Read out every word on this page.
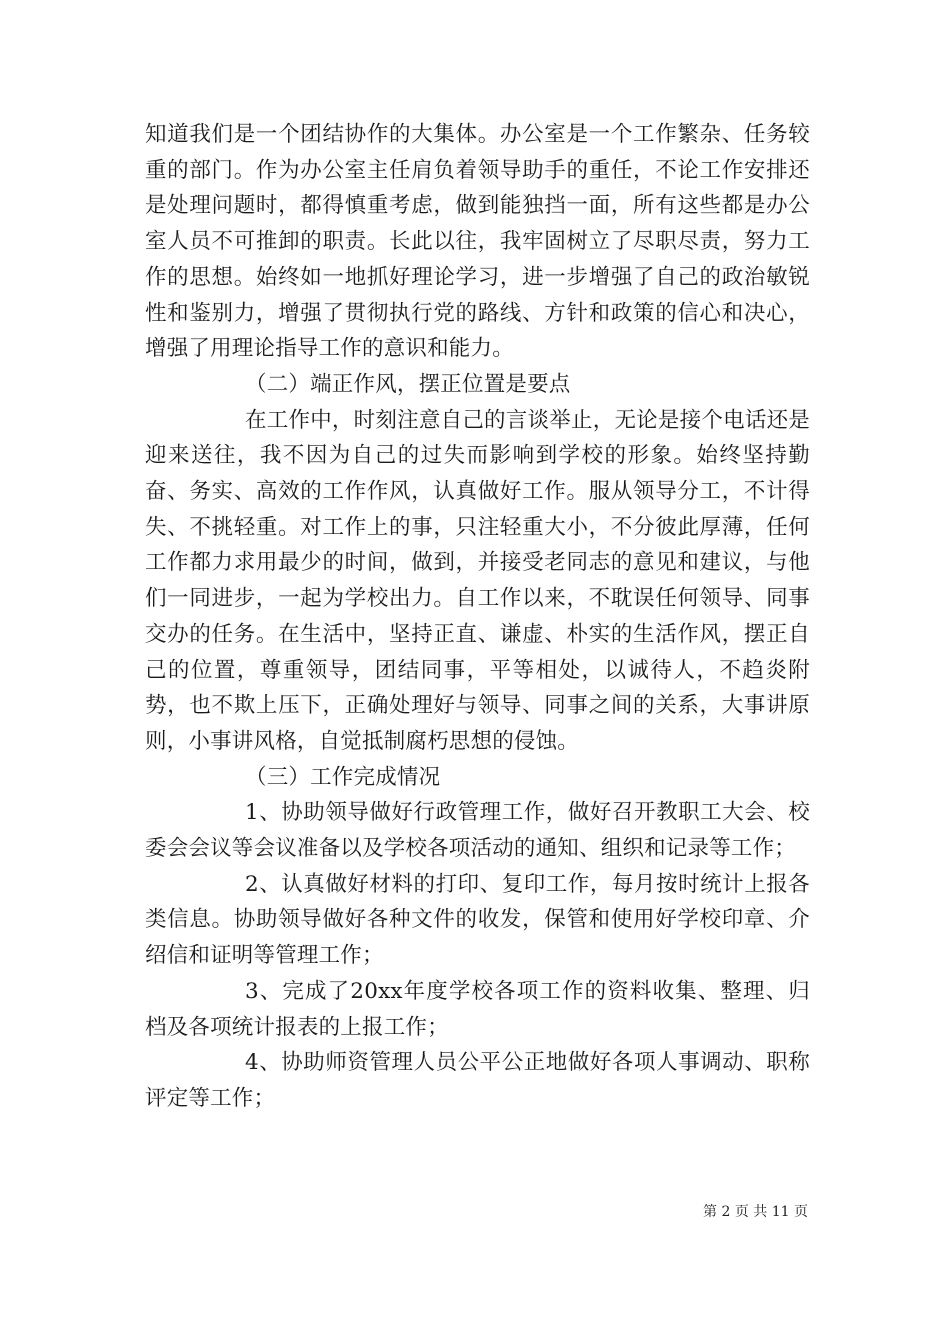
知道我们是一个团结协作的大集体。办公室是一个工作繁杂、任务较重的部门。作为办公室主任肩负着领导助手的重任，不论工作安排还是处理问题时，都得慎重考虑，做到能独挡一面，所有这些都是办公室人员不可推卸的职责。长此以往，我牢固树立了尽职尽责，努力工作的思想。始终如一地抓好理论学习，进一步增强了自己的政治敏锐性和鉴别力，增强了贯彻执行党的路线、方针和政策的信心和决心，增强了用理论指导工作的意识和能力。

（二）端正作风，摆正位置是要点

在工作中，时刻注意自己的言谈举止，无论是接个电话还是迎来送往，我不因为自己的过失而影响到学校的形象。始终坚持勤奋、务实、高效的工作作风，认真做好工作。服从领导分工，不计得失、不挑轻重。对工作上的事，只注轻重大小，不分彼此厚薄，任何工作都力求用最少的时间，做到，并接受老同志的意见和建议，与他们一同进步，一起为学校出力。自工作以来，不耽误任何领导、同事交办的任务。在生活中，坚持正直、谦虚、朴实的生活作风，摆正自己的位置，尊重领导，团结同事，平等相处，以诚待人，不趋炎附势，也不欺上压下，正确处理好与领导、同事之间的关系，大事讲原则，小事讲风格，自觉抵制腐朽思想的侵蚀。

（三）工作完成情况

1、协助领导做好行政管理工作，做好召开教职工大会、校委会会议等会议准备以及学校各项活动的通知、组织和记录等工作；

2、认真做好材料的打印、复印工作，每月按时统计上报各类信息。协助领导做好各种文件的收发，保管和使用好学校印章、介绍信和证明等管理工作；

3、完成了20xx年度学校各项工作的资料收集、整理、归档及各项统计报表的上报工作；

4、协助师资管理人员公平公正地做好各项人事调动、职称评定等工作；

第 2 页 共 11 页
